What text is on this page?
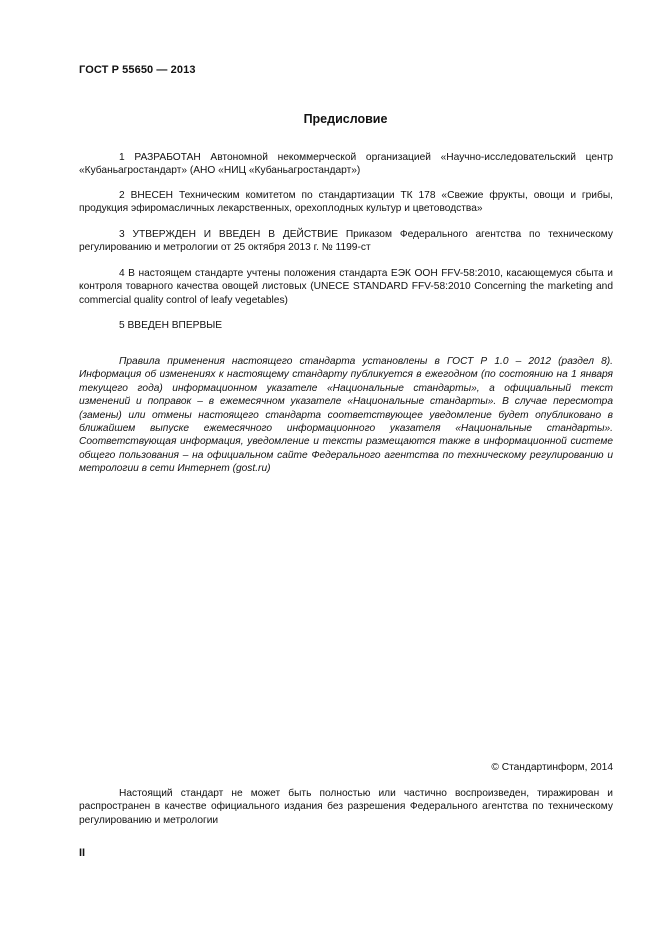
ГОСТ Р 55650 — 2013
Предисловие

1 РАЗРАБОТАН Автономной некоммерческой организацией «Научно-исследовательский центр «Кубаньагростандарт» (АНО «НИЦ «Кубаньагростандарт»)

2 ВНЕСЕН Техническим комитетом по стандартизации ТК 178 «Свежие фрукты, овощи и грибы, продукция эфиромасличных лекарственных, орехоплодных культур и цветоводства»

3 УТВЕРЖДЕН И ВВЕДЕН В ДЕЙСТВИЕ Приказом Федерального агентства по техническому регулированию и метрологии от 25 октября 2013 г. № 1199-ст

4 В настоящем стандарте учтены положения стандарта ЕЭК ООН FFV-58:2010, касающемуся сбыта и контроля товарного качества овощей листовых (UNECE STANDARD FFV-58:2010 Concerning the marketing and commercial quality control of leafy vegetables)

5 ВВЕДЕН ВПЕРВЫЕ

Правила применения настоящего стандарта установлены в ГОСТ Р 1.0 – 2012 (раздел 8). Информация об изменениях к настоящему стандарту публикуется в ежегодном (по состоянию на 1 января текущего года) информационном указателе «Национальные стандарты», а официальный текст изменений и поправок – в ежемесячном указателе «Национальные стандарты». В случае пересмотра (замены) или отмены настоящего стандарта соответствующее уведомление будет опубликовано в ближайшем выпуске ежемесячного информационного указателя «Национальные стандарты». Соответствующая информация, уведомление и тексты размещаются также в информационной системе общего пользования – на официальном сайте Федерального агентства по техническому регулированию и метрологии в сети Интернет (gost.ru)

© Стандартинформ, 2014
Настоящий стандарт не может быть полностью или частично воспроизведен, тиражирован и распространен в качестве официального издания без разрешения Федерального агентства по техническому регулированию и метрологии
II
